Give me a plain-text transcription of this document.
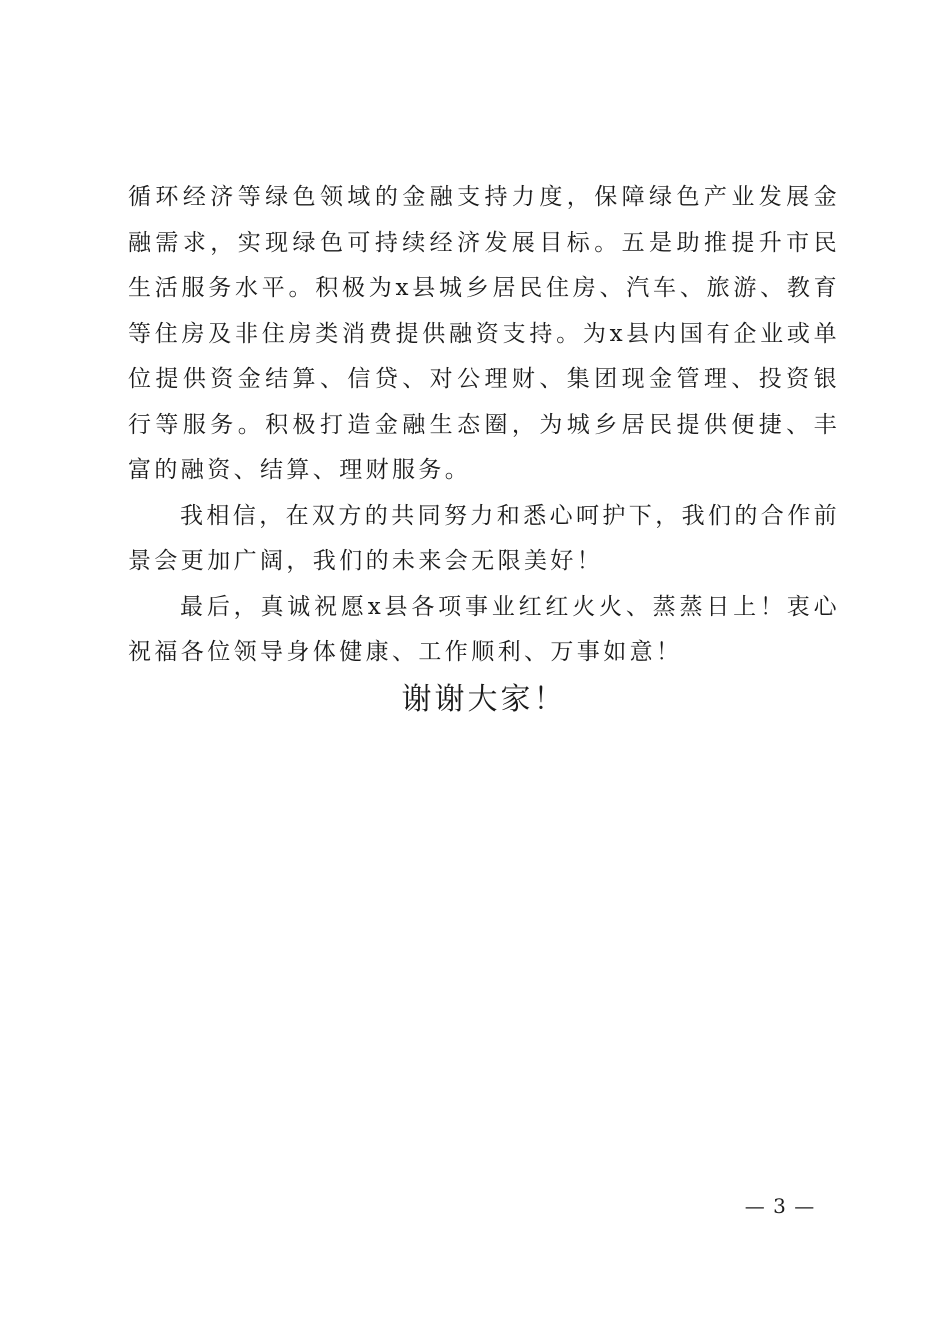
循环经济等绿色领域的金融支持力度，保障绿色产业发展金融需求，实现绿色可持续经济发展目标。五是助推提升市民生活服务水平。积极为x县城乡居民住房、汽车、旅游、教育等住房及非住房类消费提供融资支持。为x县内国有企业或单位提供资金结算、信贷、对公理财、集团现金管理、投资银行等服务。积极打造金融生态圈，为城乡居民提供便捷、丰富的融资、结算、理财服务。

我相信，在双方的共同努力和悉心呵护下，我们的合作前景会更加广阔，我们的未来会无限美好！

最后，真诚祝愿x县各项事业红红火火、蒸蒸日上！衷心祝福各位领导身体健康、工作顺利、万事如意！

谢谢大家！

— 3 —
